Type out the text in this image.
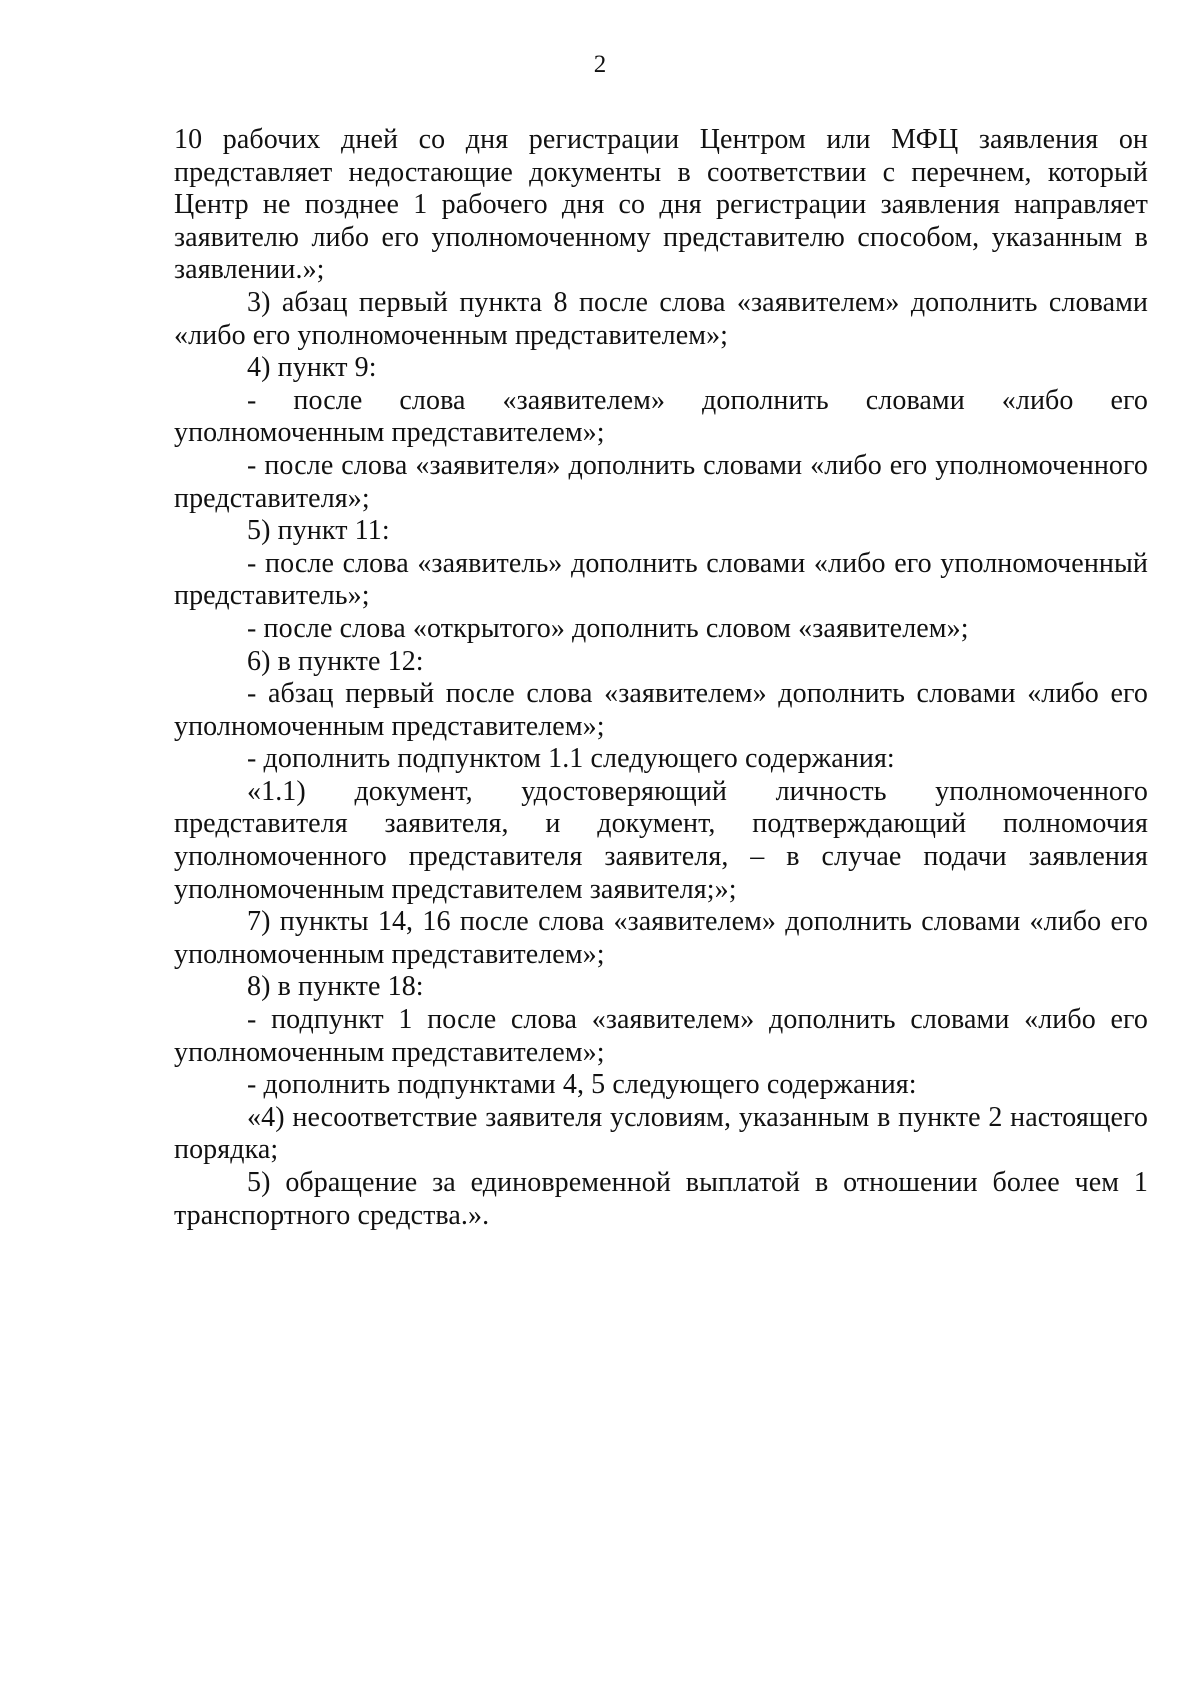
2

10 рабочих дней со дня регистрации Центром или МФЦ заявления он представляет недостающие документы в соответствии с перечнем, который Центр не позднее 1 рабочего дня со дня регистрации заявления направляет заявителю либо его уполномоченному представителю способом, указанным в заявлении.»;

3) абзац первый пункта 8 после слова «заявителем» дополнить словами «либо его уполномоченным представителем»;

4) пункт 9:

- после слова «заявителем» дополнить словами «либо его уполномоченным представителем»;

- после слова «заявителя» дополнить словами «либо его уполномоченного представителя»;

5) пункт 11:

- после слова «заявитель» дополнить словами «либо его уполномоченный представитель»;

- после слова «открытого» дополнить словом «заявителем»;

6) в пункте 12:

- абзац первый после слова «заявителем» дополнить словами «либо его уполномоченным представителем»;

- дополнить подпунктом 1.1 следующего содержания:

«1.1) документ, удостоверяющий личность уполномоченного представителя заявителя, и документ, подтверждающий полномочия уполномоченного представителя заявителя, – в случае подачи заявления уполномоченным представителем заявителя;»;

7) пункты 14, 16 после слова «заявителем» дополнить словами «либо его уполномоченным представителем»;

8) в пункте 18:

- подпункт 1 после слова «заявителем» дополнить словами «либо его уполномоченным представителем»;

- дополнить подпунктами 4, 5 следующего содержания:

«4) несоответствие заявителя условиям, указанным в пункте 2 настоящего порядка;

5) обращение за единовременной выплатой в отношении более чем 1 транспортного средства.».
